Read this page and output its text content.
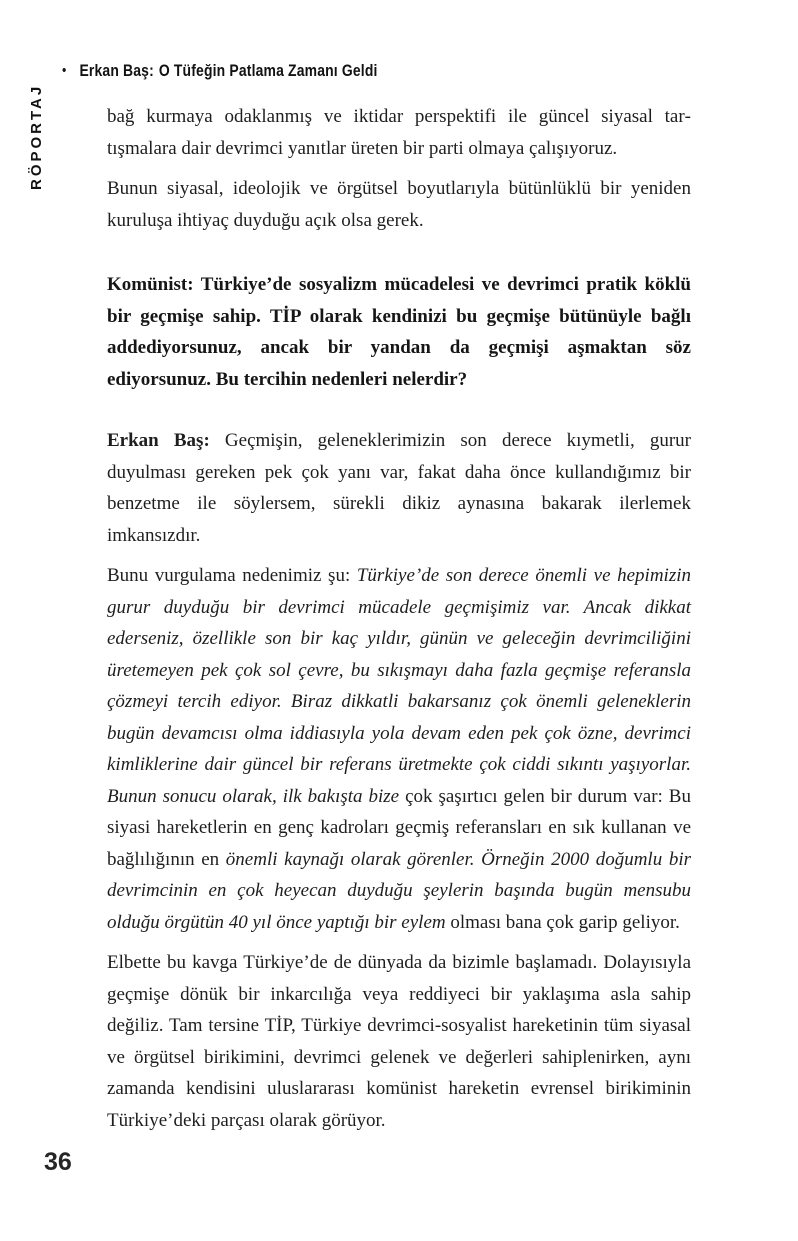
• Erkan Baş: O Tüfeğin Patlama Zamanı Geldi
RÖPORTAJ	bağ kurmaya odaklanmış ve iktidar perspektifi ile güncel siyasal tartışmalara dair devrimci yanıtlar üreten bir parti olmaya çalışıyoruz.

Bunun siyasal, ideolojik ve örgütsel boyutlarıyla bütünlüklü bir yeniden kuruluşa ihtiyaç duyduğu açık olsa gerek.

Komünist: Türkiye’de sosyalizm mücadelesi ve devrimci pratik köklü bir geçmişe sahip. TİP olarak kendinizi bu geçmişe bütünüyle bağlı addediyorsunuz, ancak bir yandan da geçmişi aşmaktan söz ediyorsunuz. Bu tercihin nedenleri nelerdir?

Erkan Baş: Geçmişin, geleneklerimizin son derece kıymetli, gurur duyulması gereken pek çok yanı var, fakat daha önce kullandığımız bir benzetme ile söylersem, sürekli dikiz aynasına bakarak ilerlemek imkansızdır.

Bunu vurgulama nedenimiz şu: Türkiye’de son derece önemli ve hepimizin gurur duyduğu bir devrimci mücadele geçmişimiz var. Ancak dikkat ederseniz, özellikle son bir kaç yıldır, günün ve geleceğin devrimciliğini üretemeyen pek çok sol çevre, bu sıkışmayı daha fazla geçmişe referansla çözmeyi tercih ediyor. Biraz dikkatli bakarsanız çok önemli geleneklerin bugün devamcısı olma iddiasıyla yola devam eden pek çok özne, devrimci kimliklerine dair güncel bir referans üretmekte çok ciddi sıkıntı yaşıyorlar. Bunun sonucu olarak, ilk bakışta bize çok şaşırtıcı gelen bir durum var: Bu siyasi hareketlerin en genç kadroları geçmiş referansları en sık kullanan ve bağlılığının en önemli kaynağı olarak görenler. Örneğin 2000 doğumlu bir devrimcinin en çok heyecan duyduğu şeylerin başında bugün mensubu olduğu örgütün 40 yıl önce yaptığı bir eylem olması bana çok garip geliyor.

Elbette bu kavga Türkiye’de de dünyada da bizimle başlamadı. Dolayısıyla geçmişe dönük bir inkarcılığa veya reddiyeci bir yaklaşıma asla sahip değiliz. Tam tersine TİP, Türkiye devrimci-sosyalist hareketinin tüm siyasal ve örgütsel birikimini, devrimci gelenek ve değerleri sahiplenirken, aynı zamanda kendisini uluslararası komünist hareketin evrensel birikiminin Türkiye’deki parçası olarak görüyor.

36
